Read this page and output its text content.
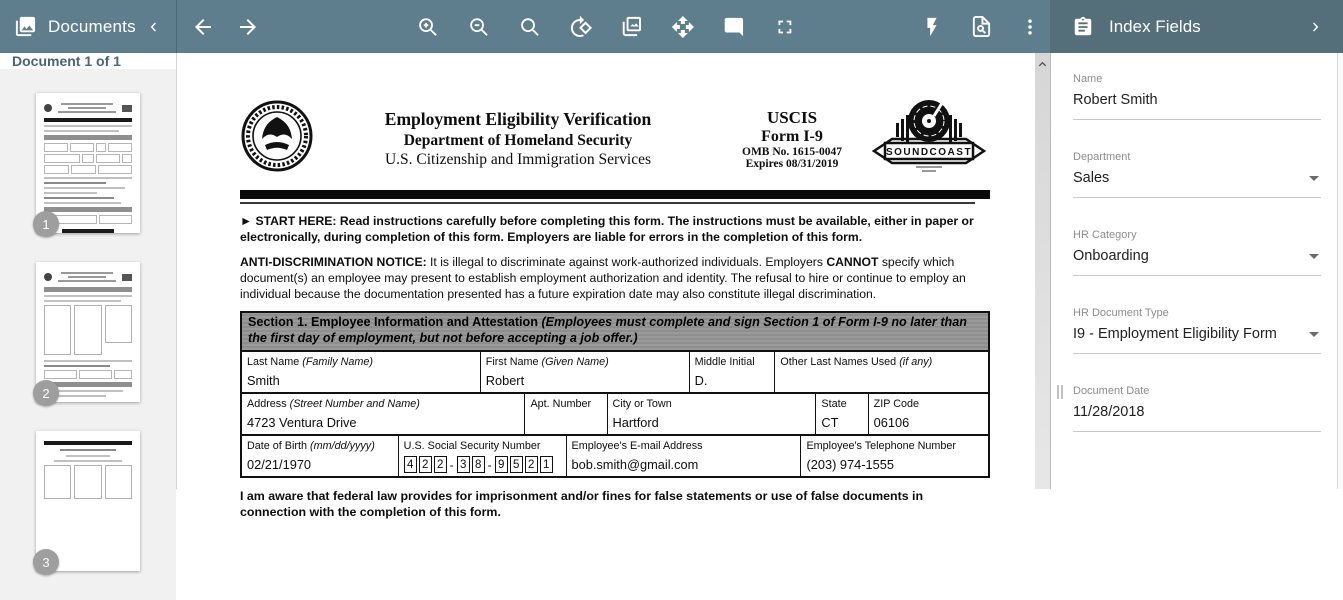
Documents	Index Fields
Document 1 of 1
1
2
3
Employment Eligibility Verification
Department of Homeland Security
U.S. Citizenship and Immigration Services
USCIS
Form I-9
OMB No. 1615-0047
Expires 08/31/2019
SOUNDCOAST
► START HERE: Read instructions carefully before completing this form. The instructions must be available, either in paper or electronically, during completion of this form. Employers are liable for errors in the completion of this form.
ANTI-DISCRIMINATION NOTICE: It is illegal to discriminate against work-authorized individuals. Employers CANNOT specify which document(s) an employee may present to establish employment authorization and identity. The refusal to hire or continue to employ an individual because the documentation presented has a future expiration date may also constitute illegal discrimination.
Section 1. Employee Information and Attestation (Employees must complete and sign Section 1 of Form I-9 no later than the first day of employment, but not before accepting a job offer.)
Last Name (Family Name)
Smith
First Name (Given Name)
Robert
Middle Initial
D.
Other Last Names Used (if any)
Address (Street Number and Name)
4723 Ventura Drive
Apt. Number	City or Town
Hartford
State
CT
ZIP Code
06106
Date of Birth (mm/dd/yyyy)
02/21/1970
U.S. Social Security Number
4 2 2 - 3 8 - 9 5 2 1
Employee's E-mail Address
bob.smith@gmail.com
Employee's Telephone Number
(203) 974-1555
I am aware that federal law provides for imprisonment and/or fines for false statements or use of false documents in connection with the completion of this form.
Name
Robert Smith
Department
Sales
HR Category
Onboarding
HR Document Type
I9 - Employment Eligibility Form
Document Date
11/28/2018
